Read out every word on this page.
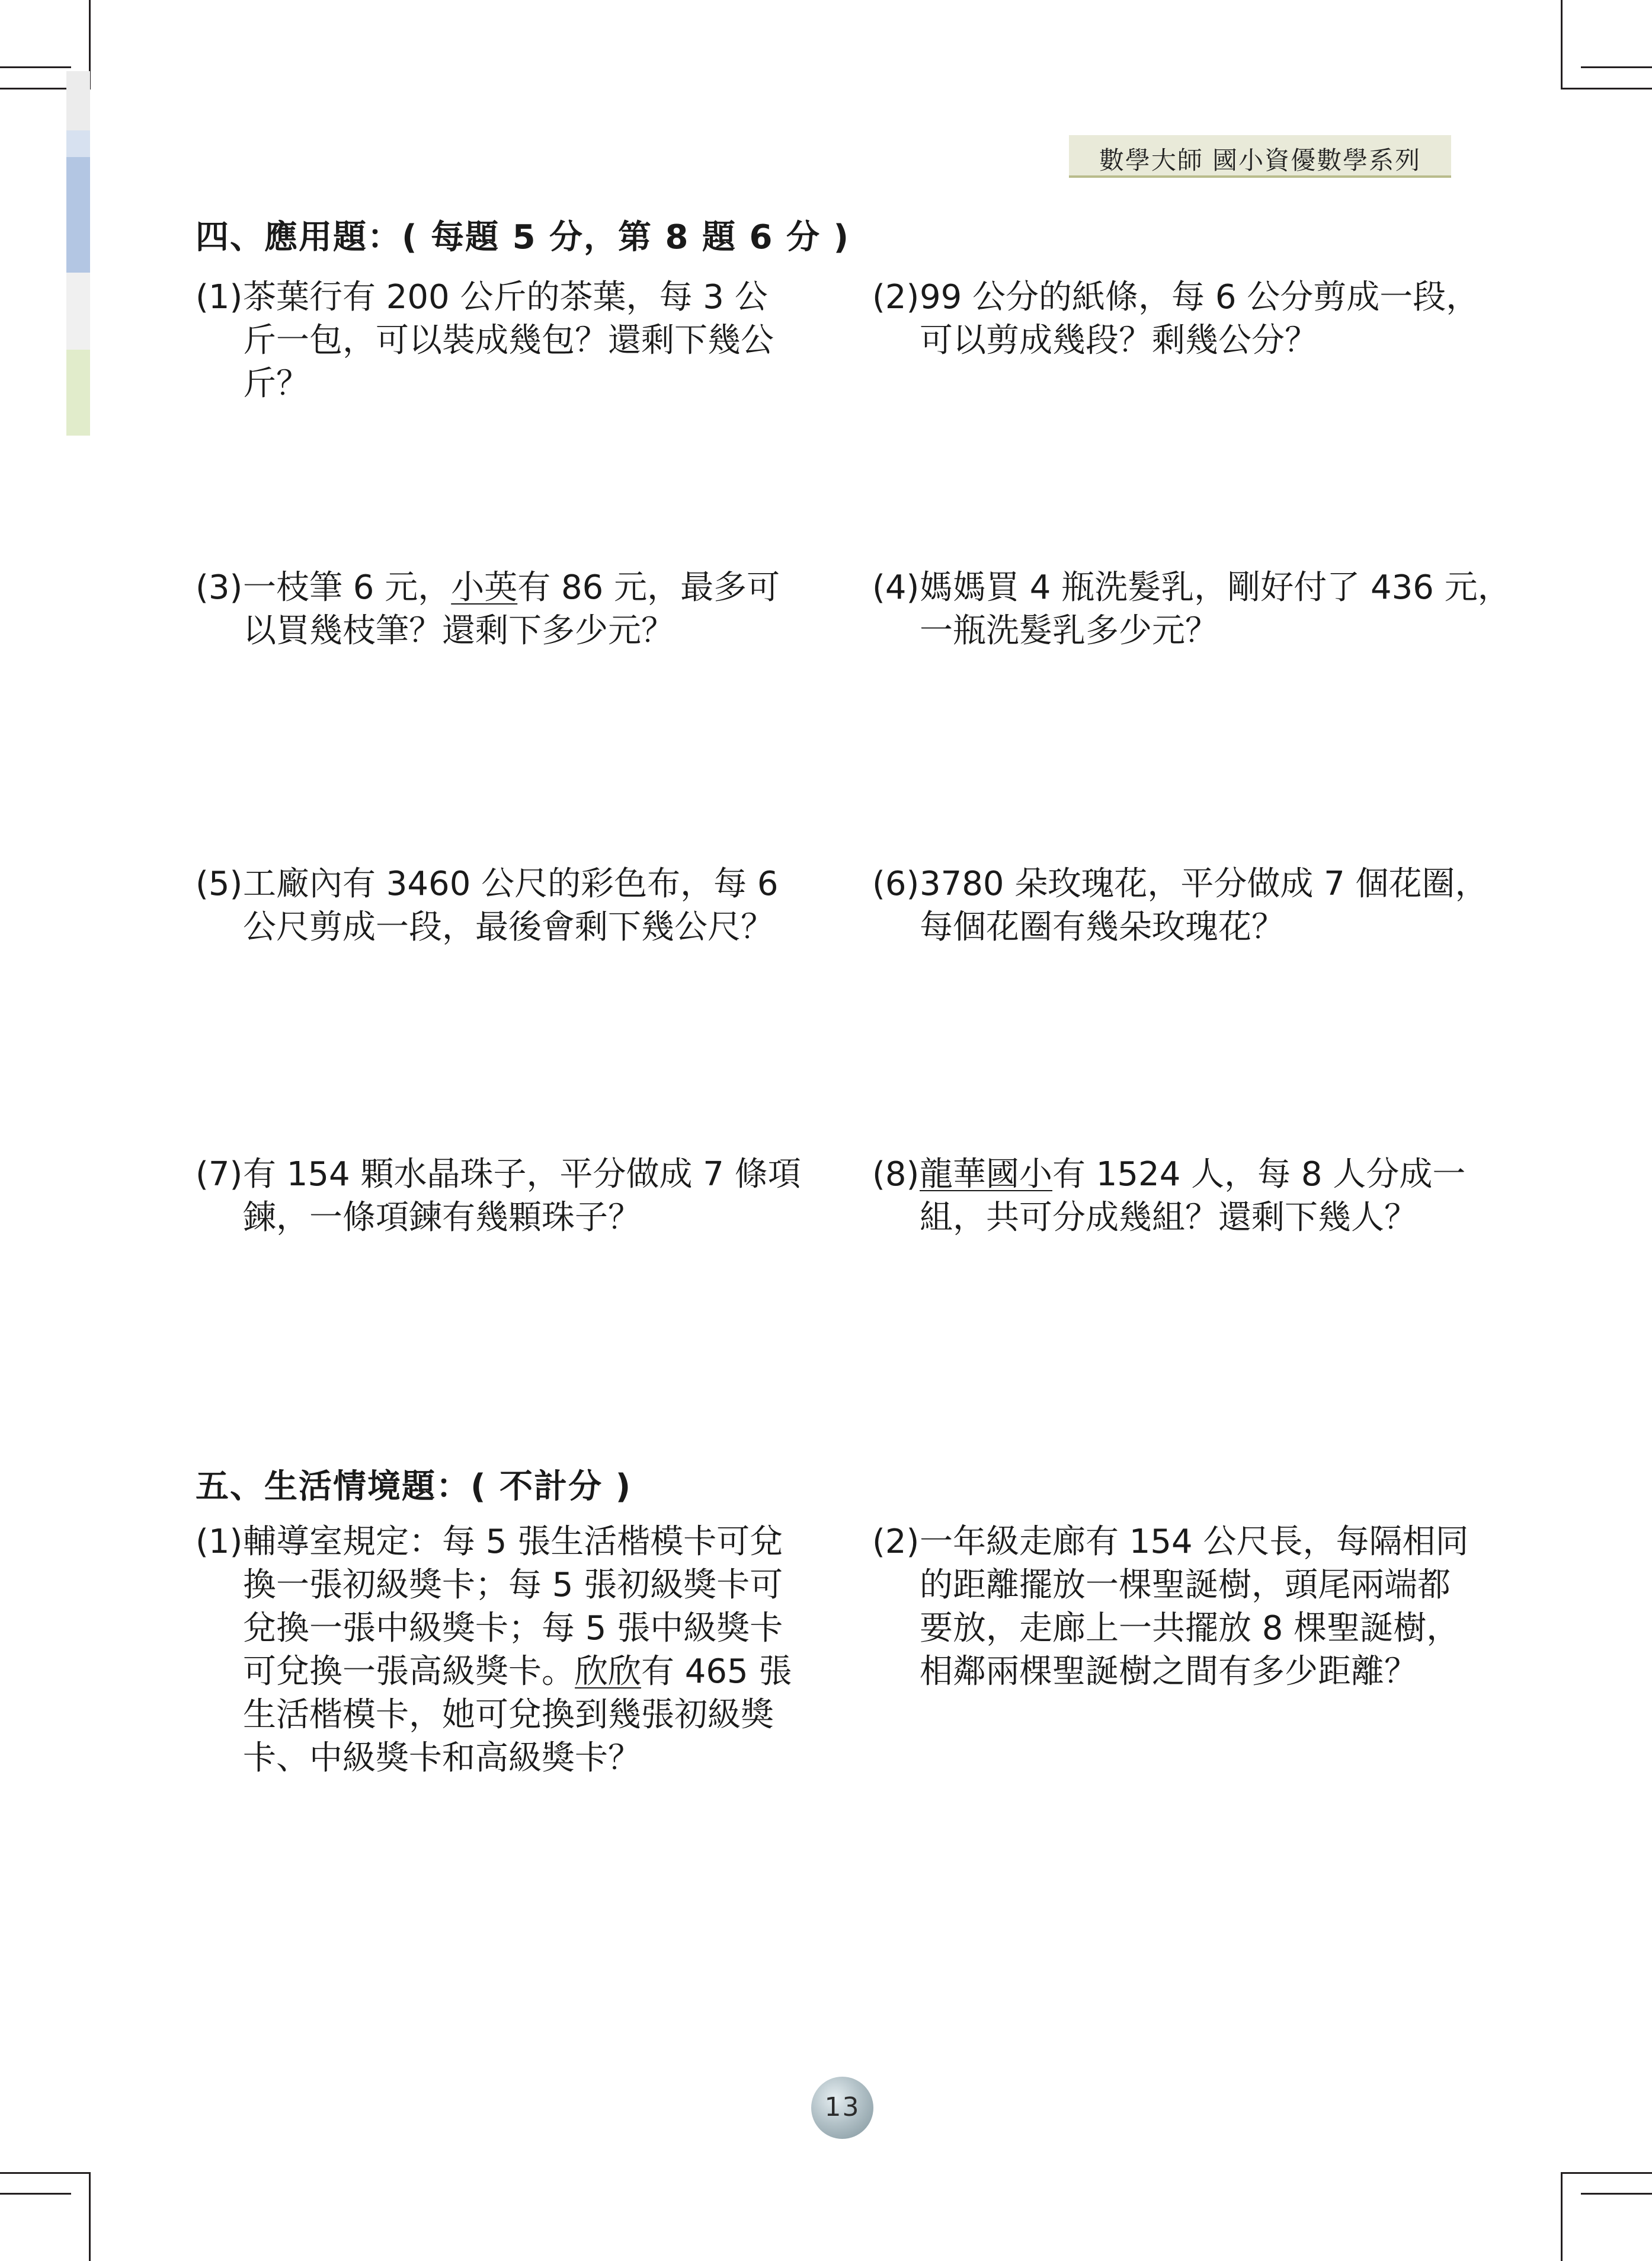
數學大師 國小資優數學系列
四、應用題：( 每題 5 分，第 8 題 6 分 )
(1) 茶葉行有 200 公斤的茶葉，每 3 公
斤一包，可以裝成幾包？還剩下幾公
斤？
(2) 99 公分的紙條，每 6 公分剪成一段，
可以剪成幾段？剩幾公分？
(3) 一枝筆 6 元，小英有 86 元，最多可
以買幾枝筆？還剩下多少元？
(4) 媽媽買 4 瓶洗髮乳，剛好付了 436 元，
一瓶洗髮乳多少元？
(5) 工廠內有 3460 公尺的彩色布，每 6
公尺剪成一段，最後會剩下幾公尺？
(6) 3780 朵玫瑰花，平分做成 7 個花圈，
每個花圈有幾朵玫瑰花？
(7) 有 154 顆水晶珠子，平分做成 7 條項
鍊，一條項鍊有幾顆珠子？
(8) 龍華國小有 1524 人，每 8 人分成一
組，共可分成幾組？還剩下幾人？
五、生活情境題：( 不計分 )
(1) 輔導室規定：每 5 張生活楷模卡可兌
換一張初級獎卡；每 5 張初級獎卡可
兌換一張中級獎卡；每 5 張中級獎卡
可兌換一張高級獎卡。欣欣有 465 張
生活楷模卡，她可兌換到幾張初級獎
卡、中級獎卡和高級獎卡？
(2) 一年級走廊有 154 公尺長，每隔相同
的距離擺放一棵聖誕樹，頭尾兩端都
要放，走廊上一共擺放 8 棵聖誕樹，
相鄰兩棵聖誕樹之間有多少距離？
13
